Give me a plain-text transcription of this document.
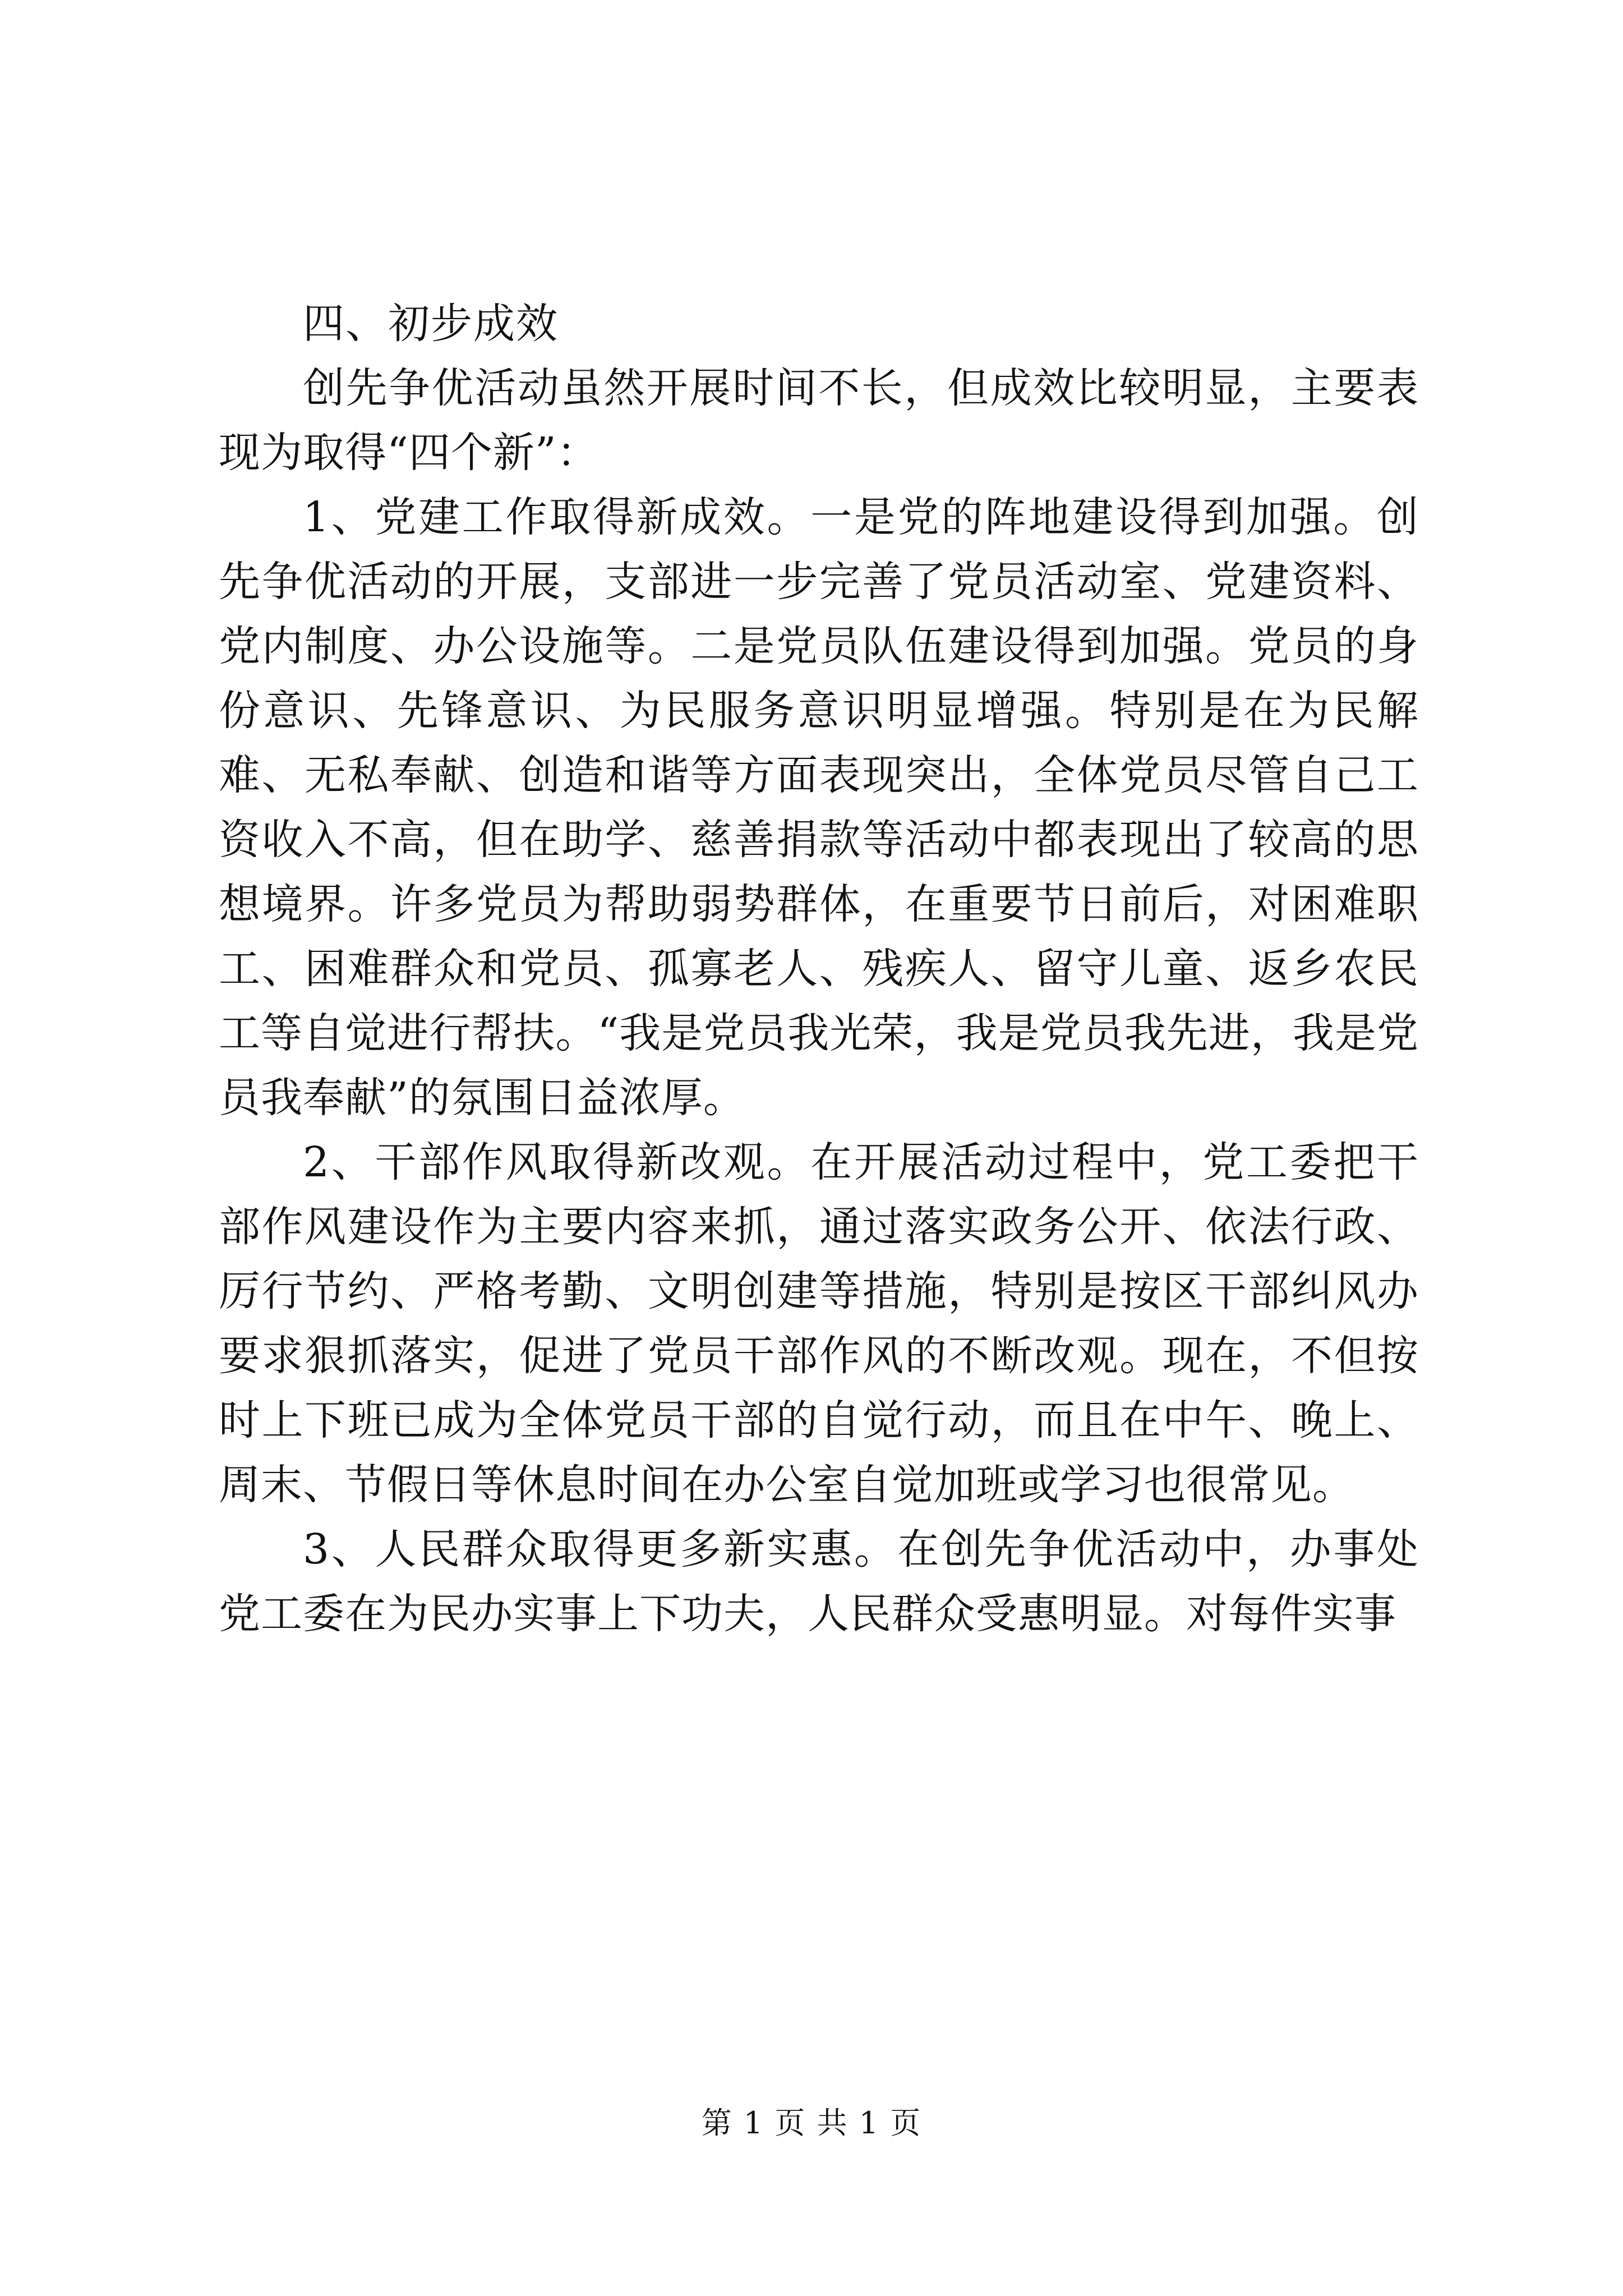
四、初步成效

创先争优活动虽然开展时间不长，但成效比较明显，主要表现为取得“四个新”：

1、党建工作取得新成效。一是党的阵地建设得到加强。创先争优活动的开展，支部进一步完善了党员活动室、党建资料、党内制度、办公设施等。二是党员队伍建设得到加强。党员的身份意识、先锋意识、为民服务意识明显增强。特别是在为民解难、无私奉献、创造和谐等方面表现突出，全体党员尽管自己工资收入不高，但在助学、慈善捐款等活动中都表现出了较高的思想境界。许多党员为帮助弱势群体，在重要节日前后，对困难职工、困难群众和党员、孤寡老人、残疾人、留守儿童、返乡农民工等自觉进行帮扶。“我是党员我光荣，我是党员我先进，我是党员我奉献”的氛围日益浓厚。

2、干部作风取得新改观。在开展活动过程中，党工委把干部作风建设作为主要内容来抓，通过落实政务公开、依法行政、厉行节约、严格考勤、文明创建等措施，特别是按区干部纠风办要求狠抓落实，促进了党员干部作风的不断改观。现在，不但按时上下班已成为全体党员干部的自觉行动，而且在中午、晚上、周末、节假日等休息时间在办公室自觉加班或学习也很常见。

3、人民群众取得更多新实惠。在创先争优活动中，办事处党工委在为民办实事上下功夫，人民群众受惠明显。对每件实事

第 1 页 共 1 页
